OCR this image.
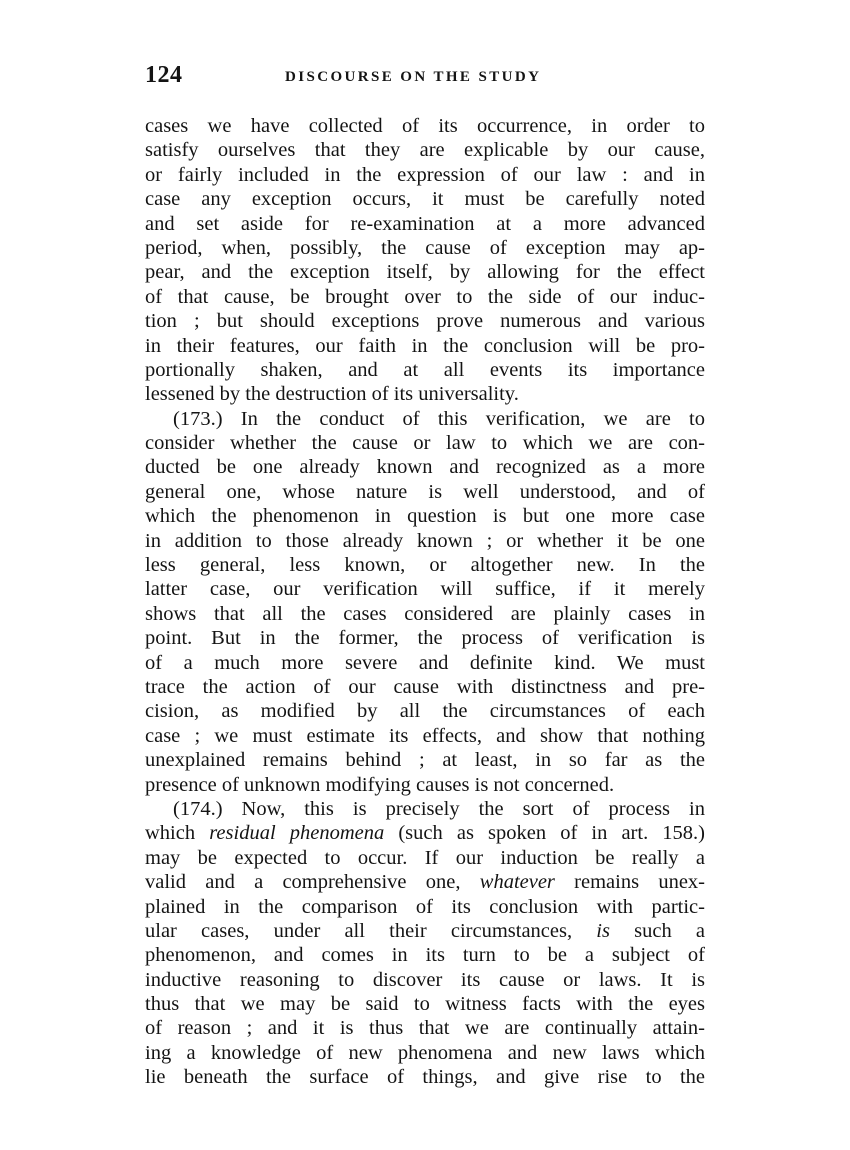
124	DISCOURSE ON THE STUDY
cases we have collected of its occurrence, in order to
satisfy ourselves that they are explicable by our cause,
or fairly included in the expression of our law : and in
case any exception occurs, it must be carefully noted
and set aside for re-examination at a more advanced
period, when, possibly, the cause of exception may ap-
pear, and the exception itself, by allowing for the effect
of that cause, be brought over to the side of our induc-
tion ; but should exceptions prove numerous and various
in their features, our faith in the conclusion will be pro-
portionally shaken, and at all events its importance
lessened by the destruction of its universality.
(173.) In the conduct of this verification, we are to
consider whether the cause or law to which we are con-
ducted be one already known and recognized as a more
general one, whose nature is well understood, and of
which the phenomenon in question is but one more case
in addition to those already known ; or whether it be one
less general, less known, or altogether new. In the
latter case, our verification will suffice, if it merely
shows that all the cases considered are plainly cases in
point. But in the former, the process of verification is
of a much more severe and definite kind. We must
trace the action of our cause with distinctness and pre-
cision, as modified by all the circumstances of each
case ; we must estimate its effects, and show that nothing
unexplained remains behind ; at least, in so far as the
presence of unknown modifying causes is not concerned.
(174.) Now, this is precisely the sort of process in
which residual phenomena (such as spoken of in art. 158.)
may be expected to occur. If our induction be really a
valid and a comprehensive one, whatever remains unex-
plained in the comparison of its conclusion with partic-
ular cases, under all their circumstances, is such a
phenomenon, and comes in its turn to be a subject of
inductive reasoning to discover its cause or laws. It is
thus that we may be said to witness facts with the eyes
of reason ; and it is thus that we are continually attain-
ing a knowledge of new phenomena and new laws which
lie beneath the surface of things, and give rise to the
